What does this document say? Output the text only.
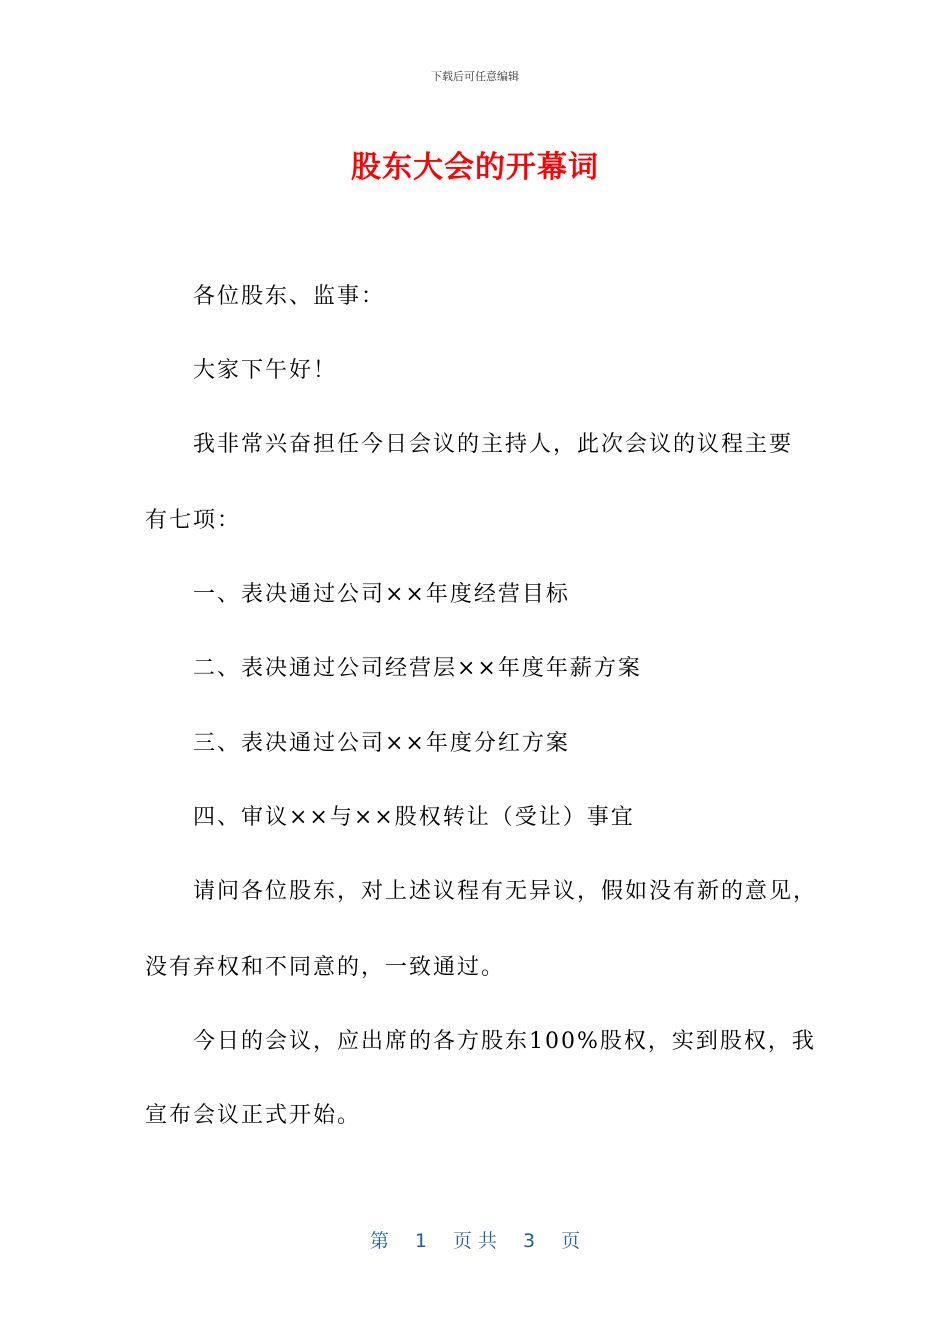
下载后可任意编辑
股东大会的开幕词
各位股东、监事：
大家下午好！
我非常兴奋担任今日会议的主持人，此次会议的议程主要
有七项：
一、表决通过公司××年度经营目标
二、表决通过公司经营层××年度年薪方案
三、表决通过公司××年度分红方案
四、审议××与××股权转让（受让）事宜
请问各位股东，对上述议程有无异议，假如没有新的意见，
没有弃权和不同意的，一致通过。
今日的会议，应出席的各方股东100%股权，实到股权，我
宣布会议正式开始。
第 1 页 共 3 页
